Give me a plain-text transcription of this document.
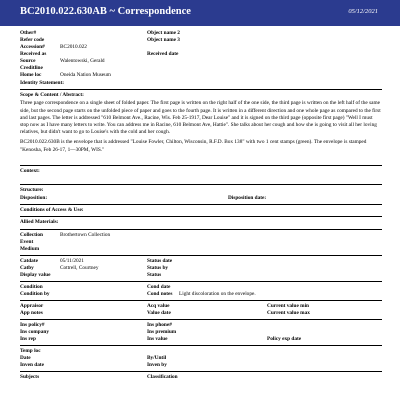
BC2010.022.630AB ~ Correspondence	05/12/2021
Other#	Object name 2
Refer code	Object name 3
Accession#	BC2010.022
Received as	Received date
Source	Walentowski, Gerald
Creditline
Home loc	Oneida Nation Museum
Identity Statement:
Scope & Content / Abstract:
Three page correspondence on a single sheet of folded paper. The first page is written on the right half of the one side, the third page is written on the left half of the same side, but the second page starts on the unfolded piece of paper and goes to the fourth page. It is written in a different direction and one whole page as compared to the first and last pages. The letter is addressed "610 Belmont Ave., Racine, Wis. Feb 25-1917, Dear Louise" and it is signed on the third page (opposite first page) "Well I must stop now as I have many letters to write. You can address me in Racine, 610 Belmont Ave, Hattie". She talks about her cough and how she is going to visit all her loving relatives, but didn't want to go to Louise's with the cold and her cough.
BC2010.022.630B is the envelope that is addressed "Louise Fowler, Chilton, Wisconsin, R.F.D. Box 138" with two 1 cent stamps (green). The envelope is stamped "Kenosha, Feb 26-17, 1—30PM, WIS."
Context:
Structure:
Disposition:	Disposition date:
Conditions of Access & Use:
Allied Materials:
Collection	Brothertown Collection
Event
Medium
Catdate	05/11/2021	Status date
Catby	Cottrell, Courtney	Status by
Display value	Status
Condition	Cond date
Condition by	Cond notes	Light discoloration on the envelope.
Appraisor	Acq value	Current value min
App notes	Value date	Current value max
Ins policy#	Ins phone#
Ins company	Ins premium
Ins rep	Ins value	Policy exp date
Temp loc
Date	By/Until
Inven date	Inven by
Subjects	Classification
